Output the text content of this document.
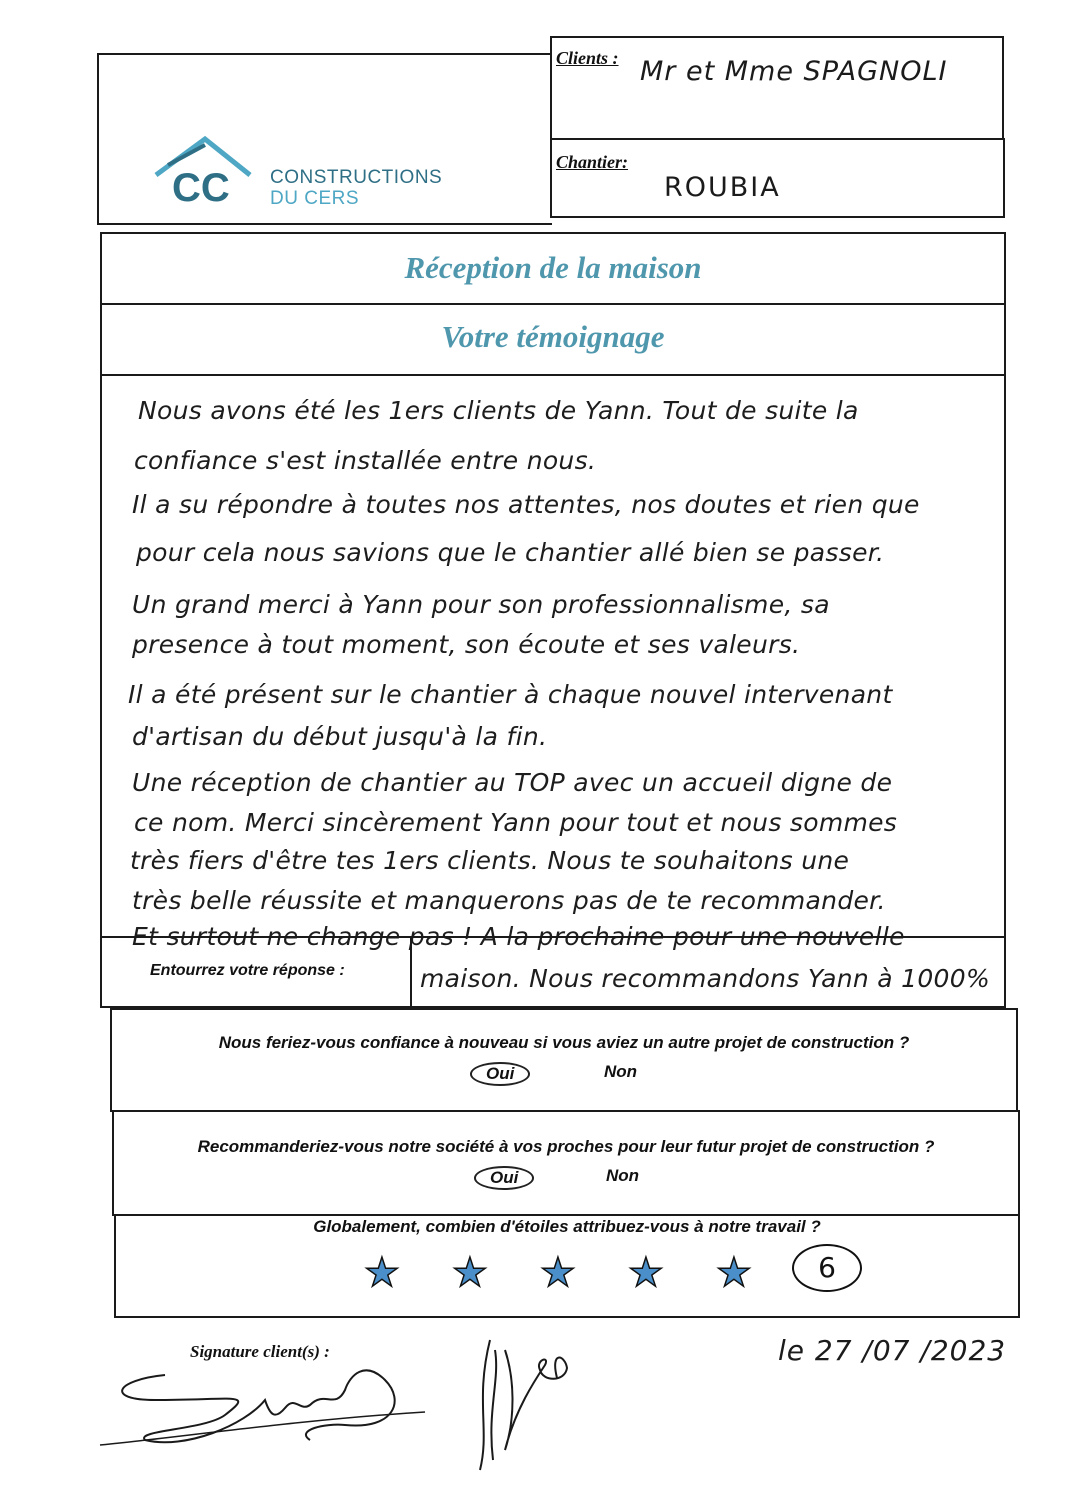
CC CONSTRUCTIONS
DU CERS
Clients : Mr et Mme SPAGNOLI
Chantier:
ROUBIA
Réception de la maison
Votre témoignage
Nous avons été les 1ers clients de Yann. Tout de suite la
confiance s'est installée entre nous.
Il a su répondre à toutes nos attentes, nos doutes et rien que
pour cela nous savions que le chantier allé bien se passer.
Un grand merci à Yann pour son professionnalisme, sa
presence à tout moment, son écoute et ses valeurs.
Il a été présent sur le chantier à chaque nouvel intervenant
d'artisan du début jusqu'à la fin.
Une réception de chantier au TOP avec un accueil digne de
ce nom. Merci sincèrement Yann pour tout et nous sommes
très fiers d'être tes 1ers clients. Nous te souhaitons une
très belle réussite et manquerons pas de te recommander.
Et surtout ne change pas ! A la prochaine pour une nouvelle
Entourrez votre réponse :	maison. Nous recommandons Yann à 1000%
Nous feriez-vous confiance à nouveau si vous aviez un autre projet de construction ?
Oui	Non
Recommanderiez-vous notre société à vos proches pour leur futur projet de construction ?
Oui	Non
Globalement, combien d'étoiles attribuez-vous à notre travail ?
★ ★ ★ ★ ★	6
Signature client(s) :	le 27 /07 /2023
